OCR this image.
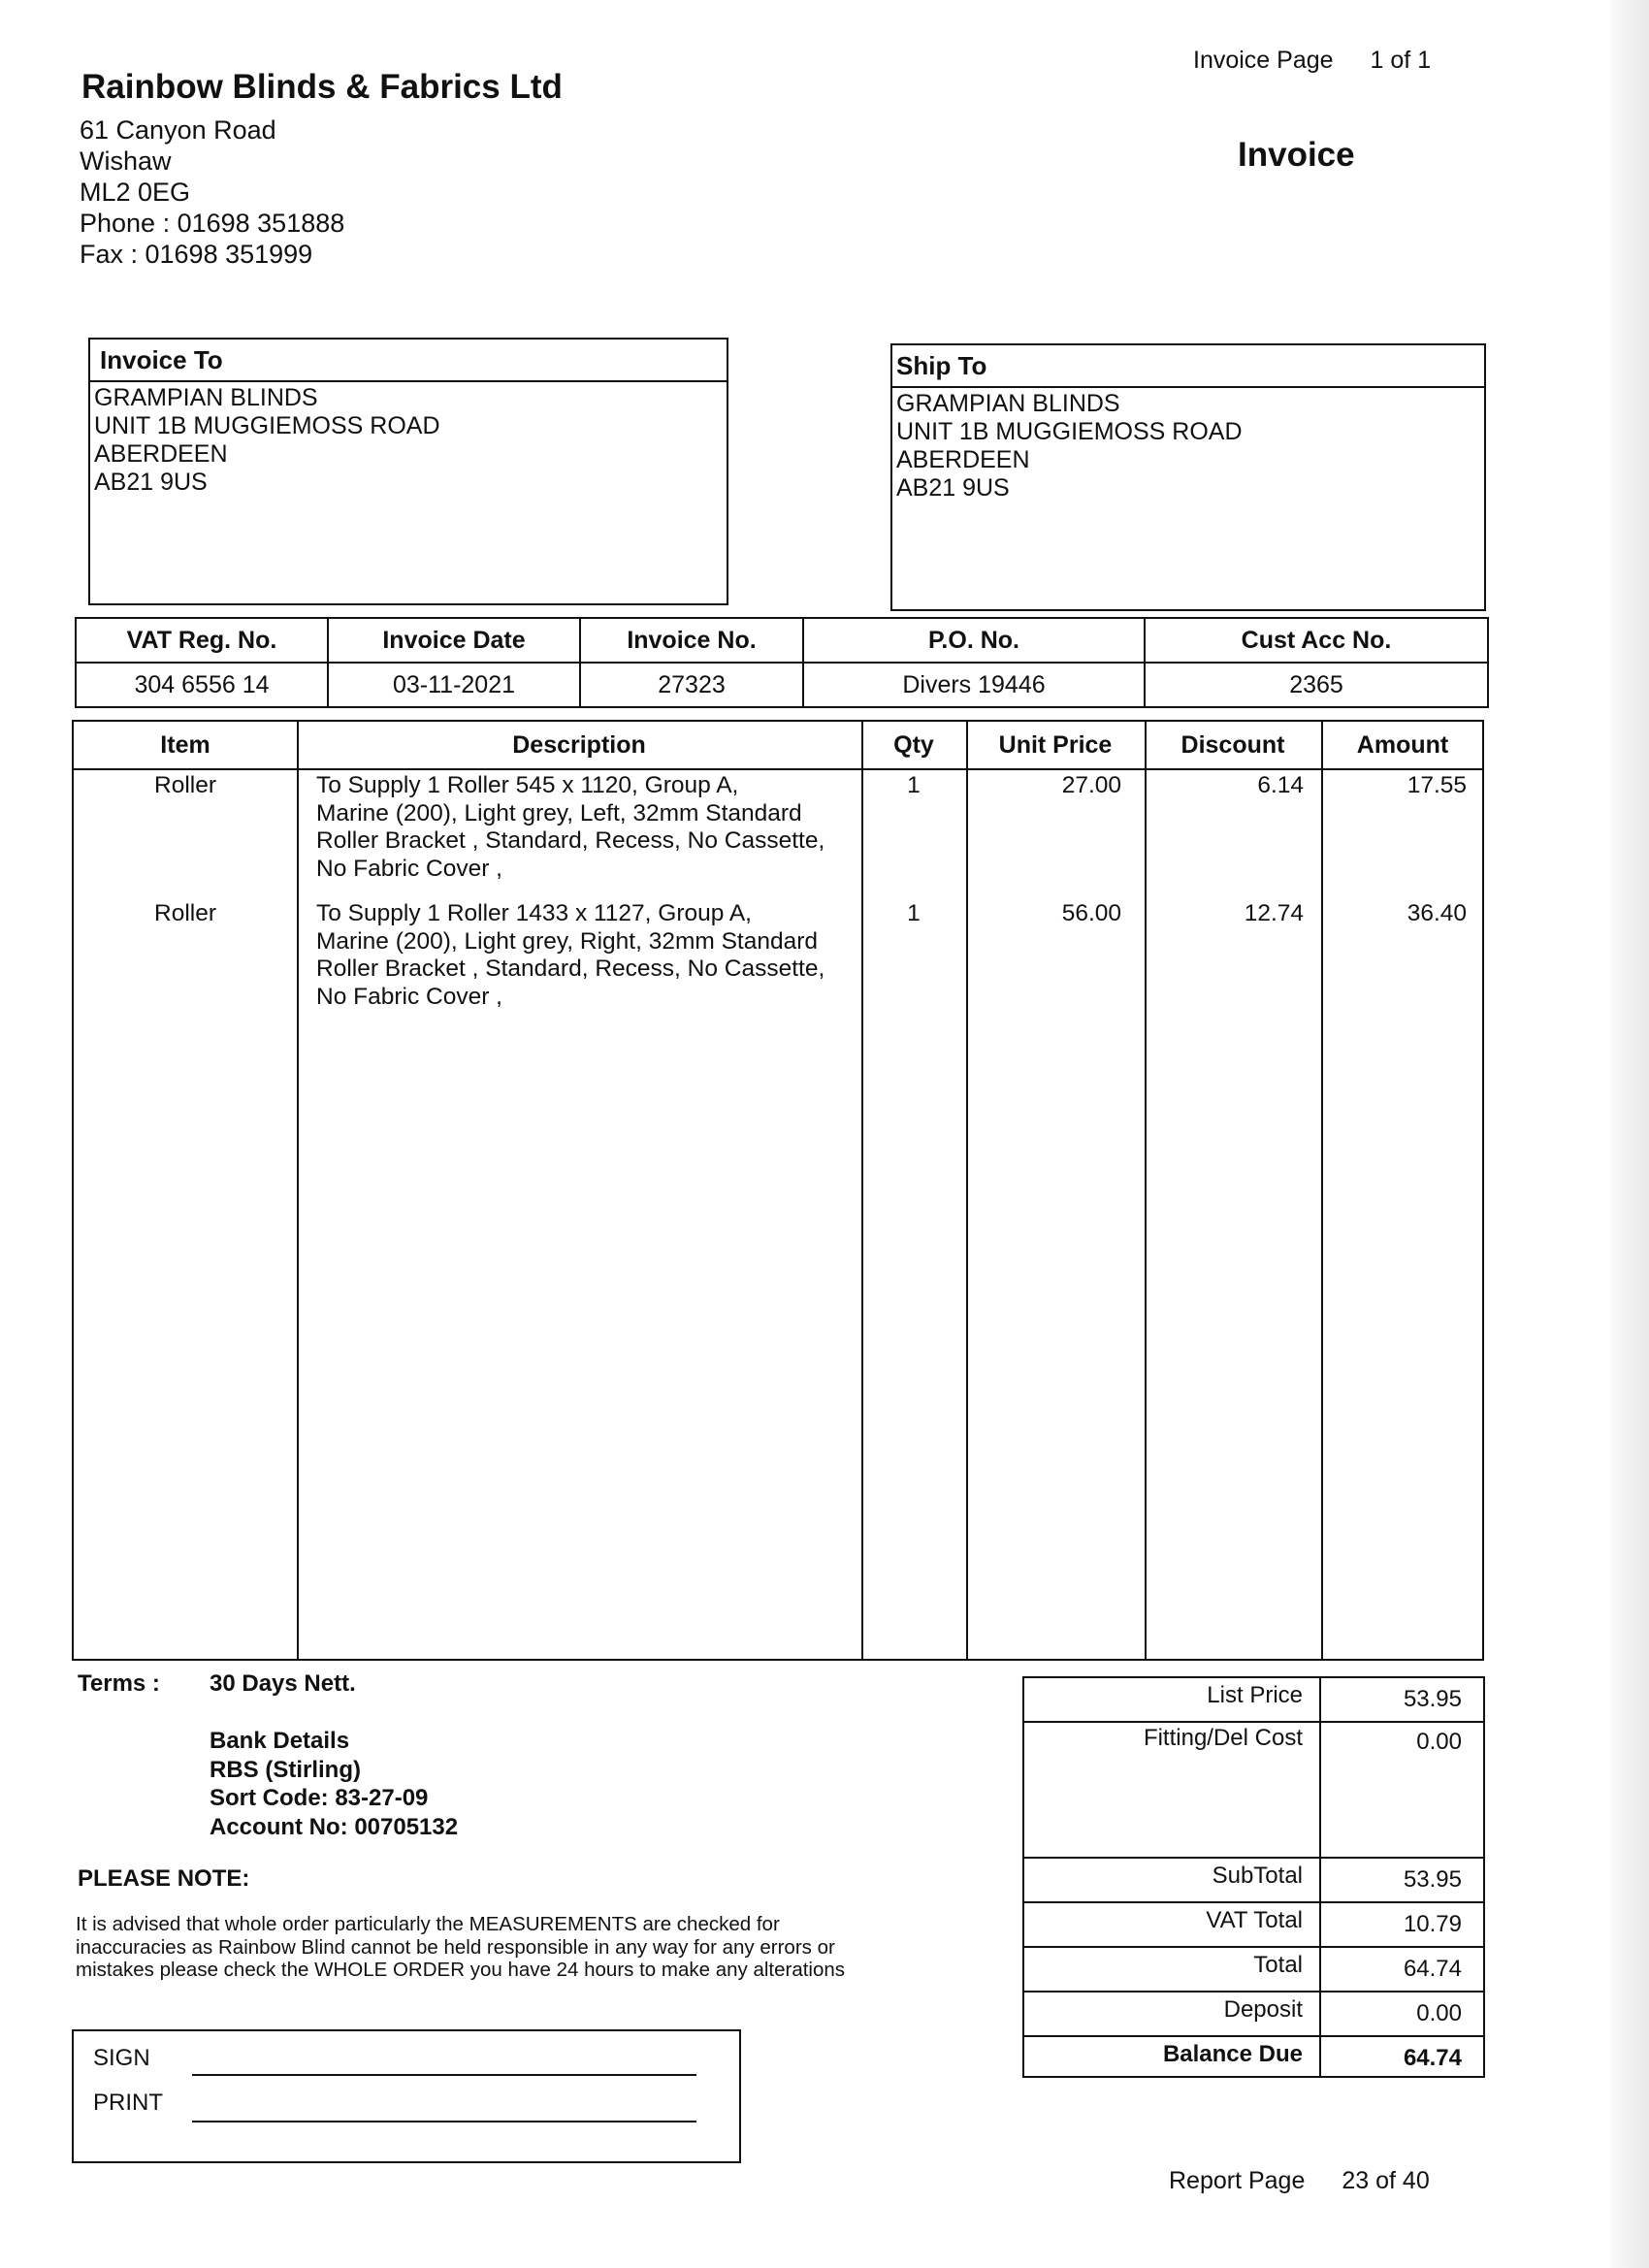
Invoice Page 1 of 1
Rainbow Blinds & Fabrics Ltd
61 Canyon Road
Wishaw
ML2 0EG
Phone : 01698 351888
Fax : 01698 351999
Invoice
Invoice To
GRAMPIAN BLINDS
UNIT 1B MUGGIEMOSS ROAD
ABERDEEN
AB21 9US
Ship To
GRAMPIAN BLINDS
UNIT 1B MUGGIEMOSS ROAD
ABERDEEN
AB21 9US
VAT Reg. No.	Invoice Date	Invoice No.	P.O. No.	Cust Acc No.
304 6556 14	03-11-2021	27323	Divers 19446	2365
Item	Description	Qty	Unit Price	Discount	Amount
Roller	To Supply 1 Roller 545 x 1120, Group A,
Marine (200), Light grey, Left, 32mm Standard
Roller Bracket , Standard, Recess, No Cassette,
No Fabric Cover ,
1	27.00	6.14	17.55
Roller	To Supply 1 Roller 1433 x 1127, Group A,
Marine (200), Light grey, Right, 32mm Standard
Roller Bracket , Standard, Recess, No Cassette,
No Fabric Cover ,
1	56.00	12.74	36.40
Terms : 30 Days Nett.
Bank Details
RBS (Stirling)
Sort Code: 83-27-09
Account No: 00705132
PLEASE NOTE:
It is advised that whole order particularly the MEASUREMENTS are checked for
inaccuracies as Rainbow Blind cannot be held responsible in any way for any errors or
mistakes please check the WHOLE ORDER you have 24 hours to make any alterations
SIGN
PRINT
List Price	53.95
Fitting/Del Cost	0.00
SubTotal	53.95
VAT Total	10.79
Total	64.74
Deposit	0.00
Balance Due	64.74
Report Page 23 of 40
